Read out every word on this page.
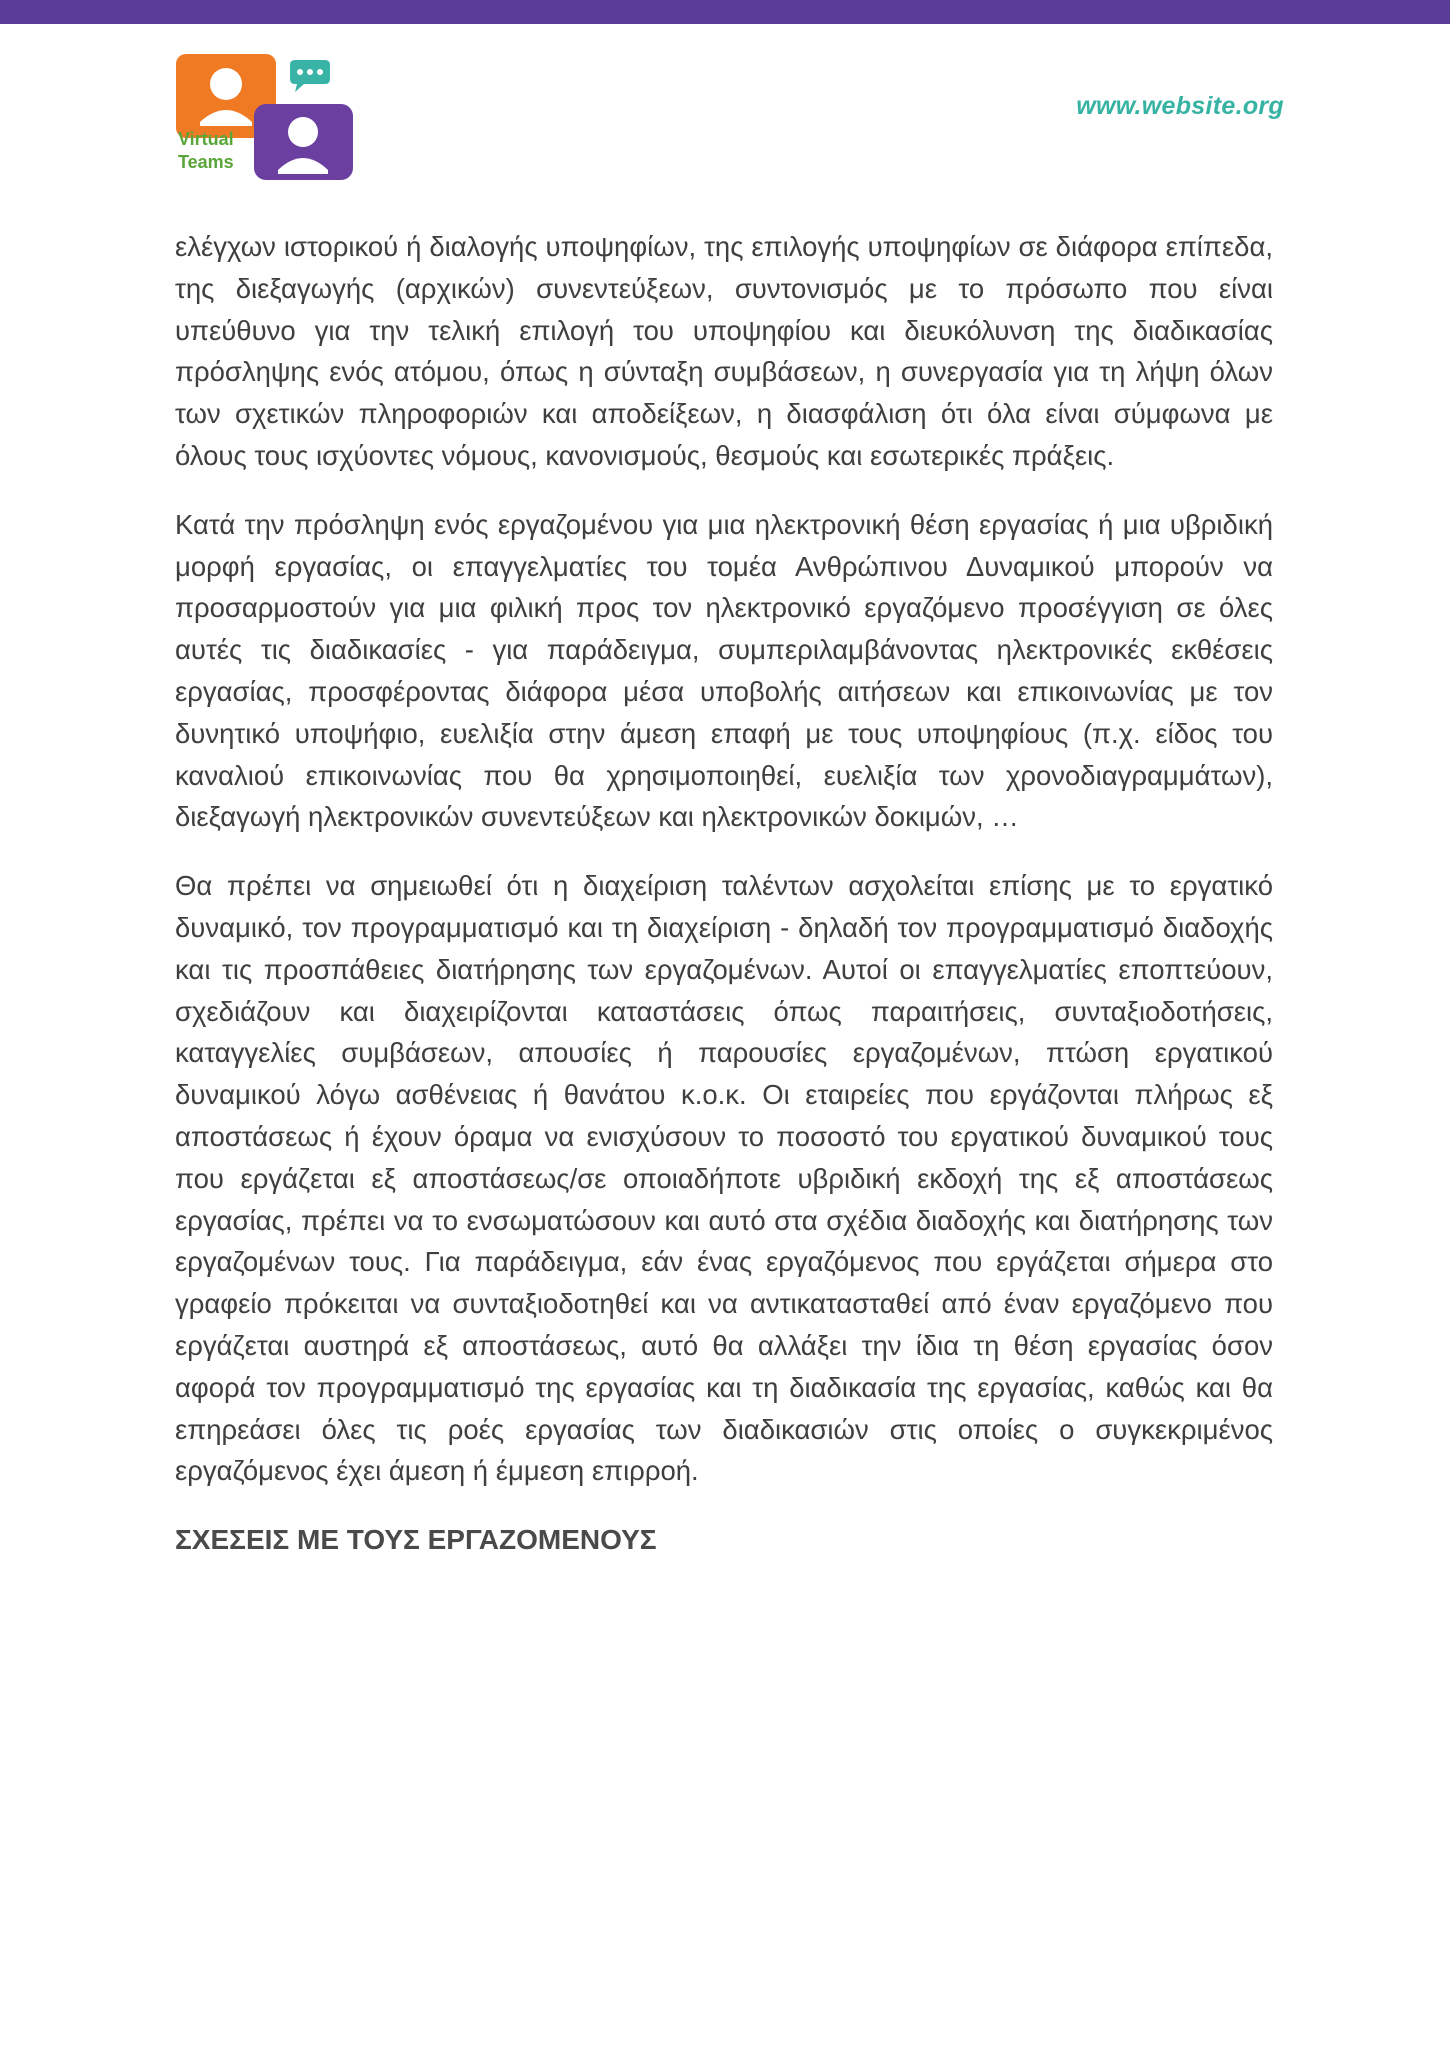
Virtual
Teams
www.website.org

ελέγχων ιστορικού ή διαλογής υποψηφίων, της επιλογής υποψηφίων σε διάφορα επίπεδα, της διεξαγωγής (αρχικών) συνεντεύξεων, συντονισμός με το πρόσωπο που είναι υπεύθυνο για την τελική επιλογή του υποψηφίου και διευκόλυνση της διαδικασίας πρόσληψης ενός ατόμου, όπως η σύνταξη συμβάσεων, η συνεργασία για τη λήψη όλων των σχετικών πληροφοριών και αποδείξεων, η διασφάλιση ότι όλα είναι σύμφωνα με όλους τους ισχύοντες νόμους, κανονισμούς, θεσμούς και εσωτερικές πράξεις.

Κατά την πρόσληψη ενός εργαζομένου για μια ηλεκτρονική θέση εργασίας ή μια υβριδική μορφή εργασίας, οι επαγγελματίες του τομέα Ανθρώπινου Δυναμικού μπορούν να προσαρμοστούν για μια φιλική προς τον ηλεκτρονικό εργαζόμενο προσέγγιση σε όλες αυτές τις διαδικασίες - για παράδειγμα, συμπεριλαμβάνοντας ηλεκτρονικές εκθέσεις εργασίας, προσφέροντας διάφορα μέσα υποβολής αιτήσεων και επικοινωνίας με τον δυνητικό υποψήφιο, ευελιξία στην άμεση επαφή με τους υποψηφίους (π.χ. είδος του καναλιού επικοινωνίας που θα χρησιμοποιηθεί, ευελιξία των χρονοδιαγραμμάτων), διεξαγωγή ηλεκτρονικών συνεντεύξεων και ηλεκτρονικών δοκιμών, …

Θα πρέπει να σημειωθεί ότι η διαχείριση ταλέντων ασχολείται επίσης με το εργατικό δυναμικό, τον προγραμματισμό και τη διαχείριση - δηλαδή τον προγραμματισμό διαδοχής και τις προσπάθειες διατήρησης των εργαζομένων. Αυτοί οι επαγγελματίες εποπτεύουν, σχεδιάζουν και διαχειρίζονται καταστάσεις όπως παραιτήσεις, συνταξιοδοτήσεις, καταγγελίες συμβάσεων, απουσίες ή παρουσίες εργαζομένων, πτώση εργατικού δυναμικού λόγω ασθένειας ή θανάτου κ.ο.κ. Οι εταιρείες που εργάζονται πλήρως εξ αποστάσεως ή έχουν όραμα να ενισχύσουν το ποσοστό του εργατικού δυναμικού τους που εργάζεται εξ αποστάσεως/σε οποιαδήποτε υβριδική εκδοχή της εξ αποστάσεως εργασίας, πρέπει να το ενσωματώσουν και αυτό στα σχέδια διαδοχής και διατήρησης των εργαζομένων τους. Για παράδειγμα, εάν ένας εργαζόμενος που εργάζεται σήμερα στο γραφείο πρόκειται να συνταξιοδοτηθεί και να αντικατασταθεί από έναν εργαζόμενο που εργάζεται αυστηρά εξ αποστάσεως, αυτό θα αλλάξει την ίδια τη θέση εργασίας όσον αφορά τον προγραμματισμό της εργασίας και τη διαδικασία της εργασίας, καθώς και θα επηρεάσει όλες τις ροές εργασίας των διαδικασιών στις οποίες ο συγκεκριμένος εργαζόμενος έχει άμεση ή έμμεση επιρροή.

ΣΧΕΣΕΙΣ ΜΕ ΤΟΥΣ ΕΡΓΑΖΟΜΕΝΟΥΣ
